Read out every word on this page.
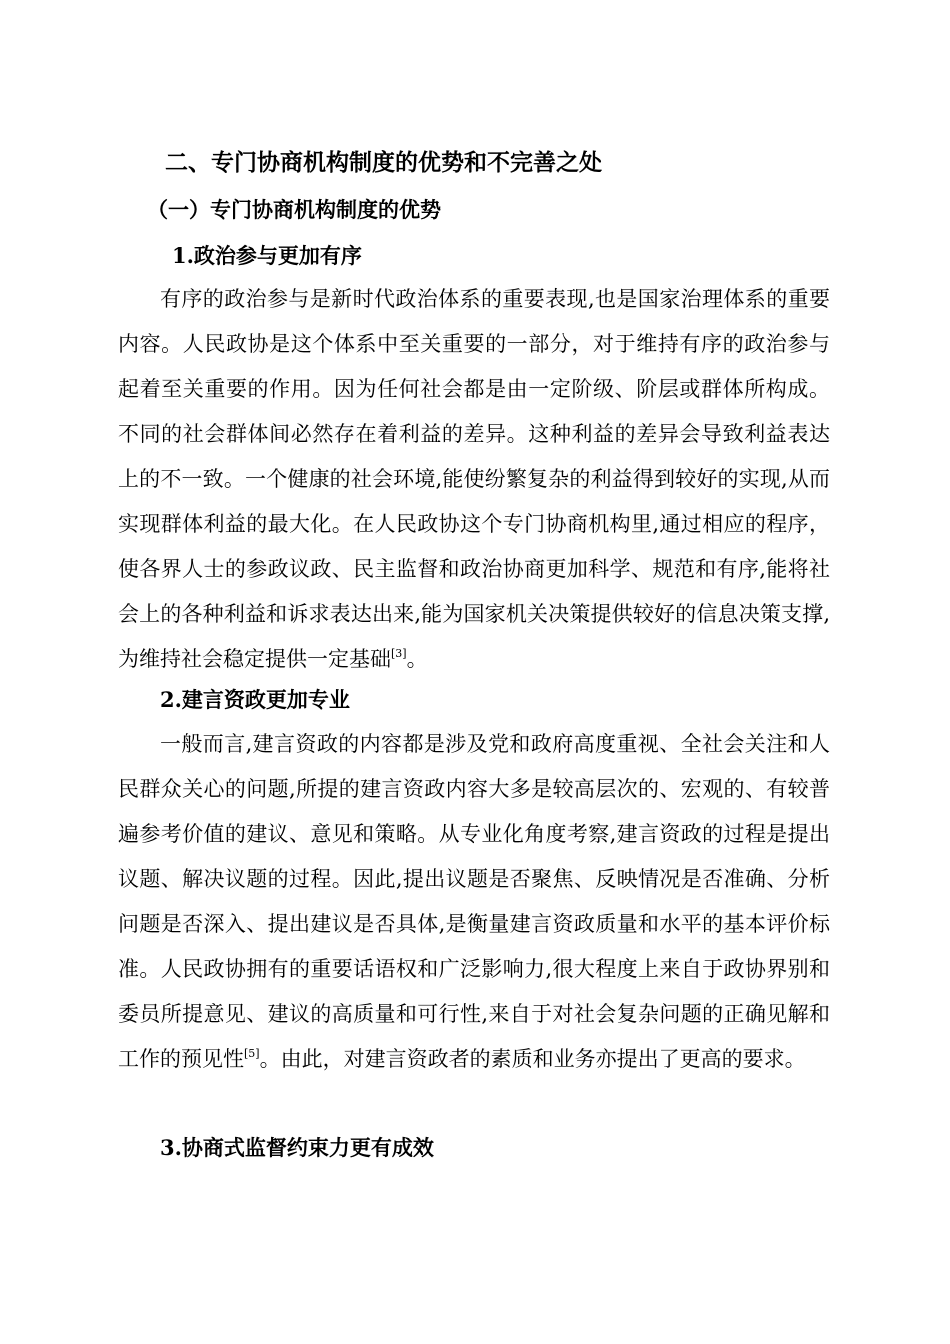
二、专门协商机构制度的优势和不完善之处
（一）专门协商机构制度的优势
1.政治参与更加有序

有序的政治参与是新时代政治体系的重要表现,也是国家治理体系的重要内容。人民政协是这个体系中至关重要的一部分，对于维持有序的政治参与起着至关重要的作用。因为任何社会都是由一定阶级、阶层或群体所构成。不同的社会群体间必然存在着利益的差异。这种利益的差异会导致利益表达上的不一致。一个健康的社会环境,能使纷繁复杂的利益得到较好的实现,从而实现群体利益的最大化。在人民政协这个专门协商机构里,通过相应的程序，使各界人士的参政议政、民主监督和政治协商更加科学、规范和有序,能将社会上的各种利益和诉求表达出来,能为国家机关决策提供较好的信息决策支撑,为维持社会稳定提供一定基础[3]。

2.建言资政更加专业

一般而言,建言资政的内容都是涉及党和政府高度重视、全社会关注和人民群众关心的问题,所提的建言资政内容大多是较高层次的、宏观的、有较普遍参考价值的建议、意见和策略。从专业化角度考察,建言资政的过程是提出议题、解决议题的过程。因此,提出议题是否聚焦、反映情况是否准确、分析问题是否深入、提出建议是否具体,是衡量建言资政质量和水平的基本评价标准。人民政协拥有的重要话语权和广泛影响力,很大程度上来自于政协界别和委员所提意见、建议的高质量和可行性,来自于对社会复杂问题的正确见解和工作的预见性[5]。由此，对建言资政者的素质和业务亦提出了更高的要求。

3.协商式监督约束力更有成效
